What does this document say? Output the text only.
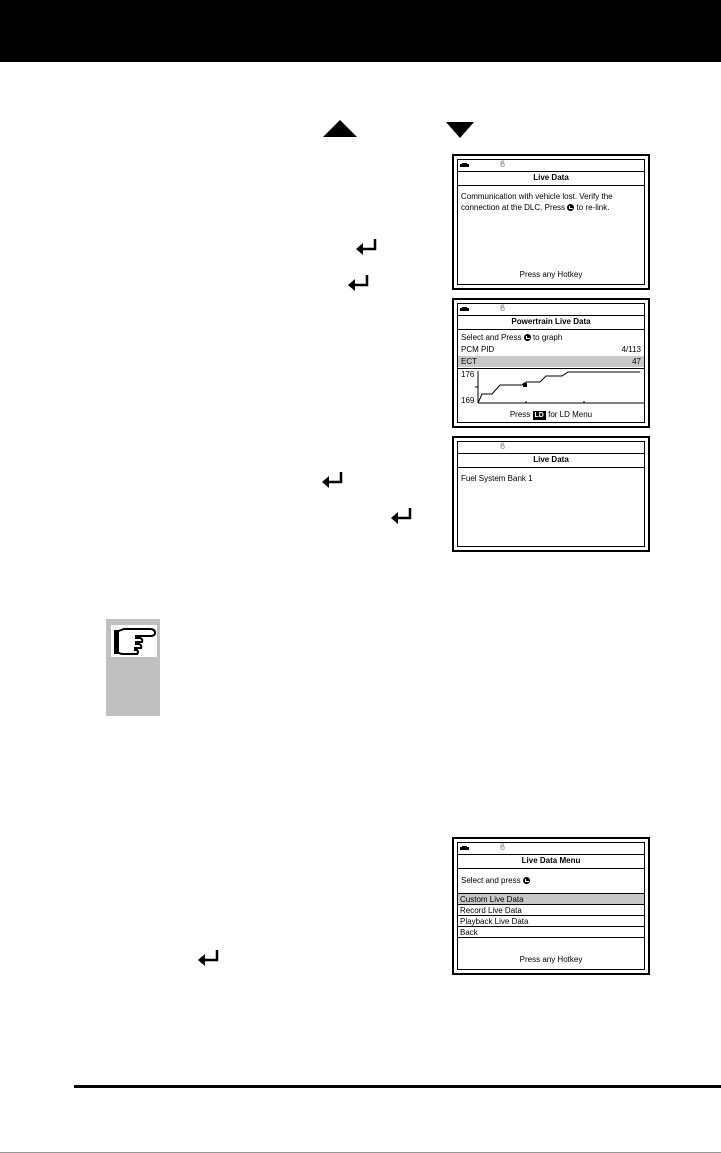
ϐ
Live Data
Communication with vehicle lost. Verify the connection at the DLC. Press to re-link.
Press any Hotkey
ϐ
Powertrain Live Data
Select and Press to graph
PCM PID	4/113
ECT	47
176
169
Press LD for LD Menu
ϐ
Live Data
Fuel System Bank 1
ϐ
Live Data Menu
Select and press
Custom Live Data
Record Live Data
Playback Live Data
Back
Press any Hotkey
